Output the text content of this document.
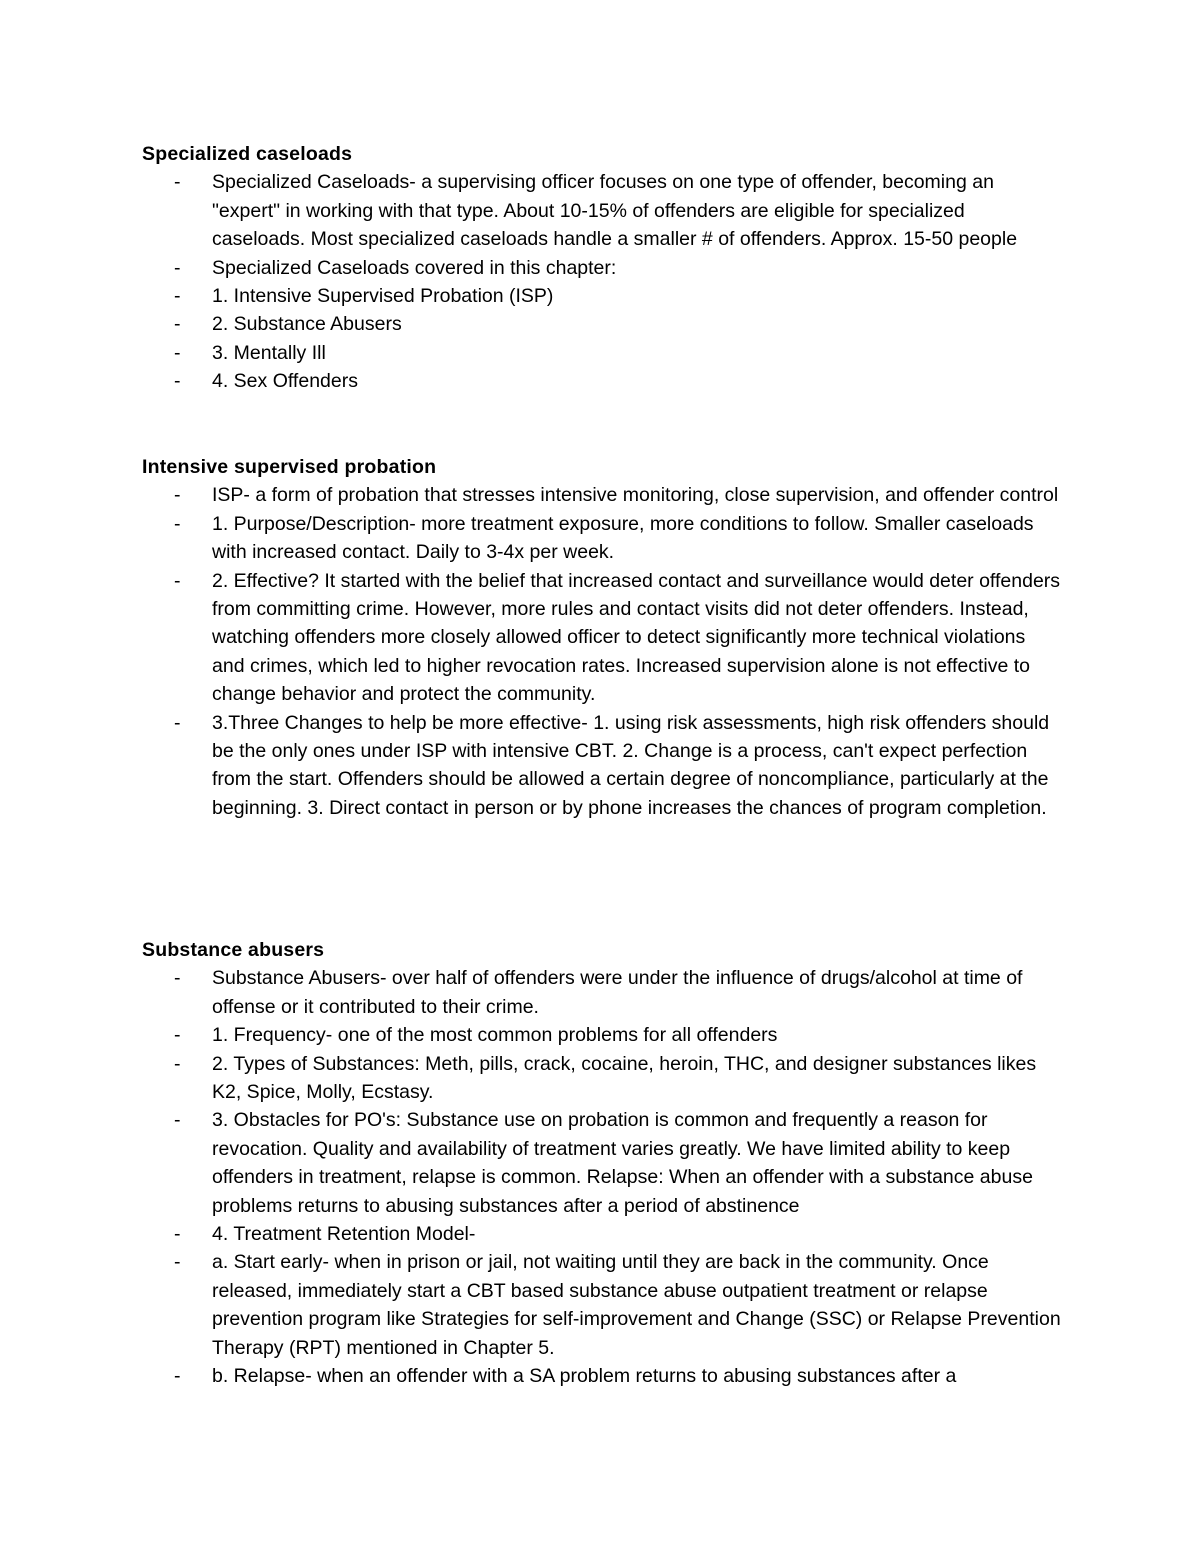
Specialized caseloads
- Specialized Caseloads- a supervising officer focuses on one type of offender, becoming an "expert" in working with that type. About 10-15% of offenders are eligible for specialized caseloads. Most specialized caseloads handle a smaller # of offenders. Approx. 15-50 people
- Specialized Caseloads covered in this chapter:
- 1. Intensive Supervised Probation (ISP)
- 2. Substance Abusers
- 3. Mentally Ill
- 4. Sex Offenders
Intensive supervised probation
- ISP- a form of probation that stresses intensive monitoring, close supervision, and offender control
- 1. Purpose/Description- more treatment exposure, more conditions to follow. Smaller caseloads with increased contact. Daily to 3-4x per week.
- 2. Effective? It started with the belief that increased contact and surveillance would deter offenders from committing crime. However, more rules and contact visits did not deter offenders. Instead, watching offenders more closely allowed officer to detect significantly more technical violations and crimes, which led to higher revocation rates. Increased supervision alone is not effective to change behavior and protect the community.
- 3.Three Changes to help be more effective- 1. using risk assessments, high risk offenders should be the only ones under ISP with intensive CBT. 2. Change is a process, can't expect perfection from the start. Offenders should be allowed a certain degree of noncompliance, particularly at the beginning. 3. Direct contact in person or by phone increases the chances of program completion.
Substance abusers
- Substance Abusers- over half of offenders were under the influence of drugs/alcohol at time of offense or it contributed to their crime.
- 1. Frequency- one of the most common problems for all offenders
- 2. Types of Substances: Meth, pills, crack, cocaine, heroin, THC, and designer substances likes K2, Spice, Molly, Ecstasy.
- 3. Obstacles for PO's: Substance use on probation is common and frequently a reason for revocation. Quality and availability of treatment varies greatly. We have limited ability to keep offenders in treatment, relapse is common. Relapse: When an offender with a substance abuse problems returns to abusing substances after a period of abstinence
- 4. Treatment Retention Model-
- a. Start early- when in prison or jail, not waiting until they are back in the community. Once released, immediately start a CBT based substance abuse outpatient treatment or relapse prevention program like Strategies for self-improvement and Change (SSC) or Relapse Prevention Therapy (RPT) mentioned in Chapter 5.
- b. Relapse- when an offender with a SA problem returns to abusing substances after a
